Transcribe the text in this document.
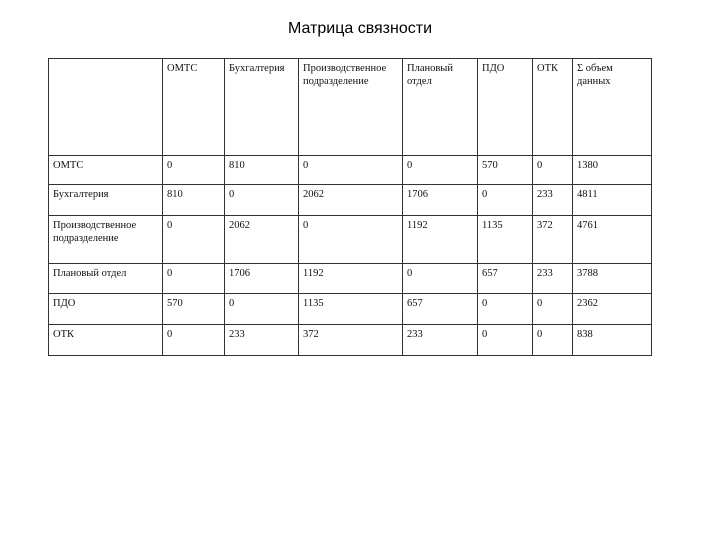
Матрица связности
	ОМТС	Бухгалтерия	Производственное подразделение	Плановый отдел	ПДО	ОТК	Σ объем данных
ОМТС	0	810	0	0	570	0	1380
Бухгалтерия	810	0	2062	1706	0	233	4811
Производственное подразделение	0	2062	0	1192	1135	372	4761
Плановый отдел	0	1706	1192	0	657	233	3788
ПДО	570	0	1135	657	0	0	2362
ОТК	0	233	372	233	0	0	838
